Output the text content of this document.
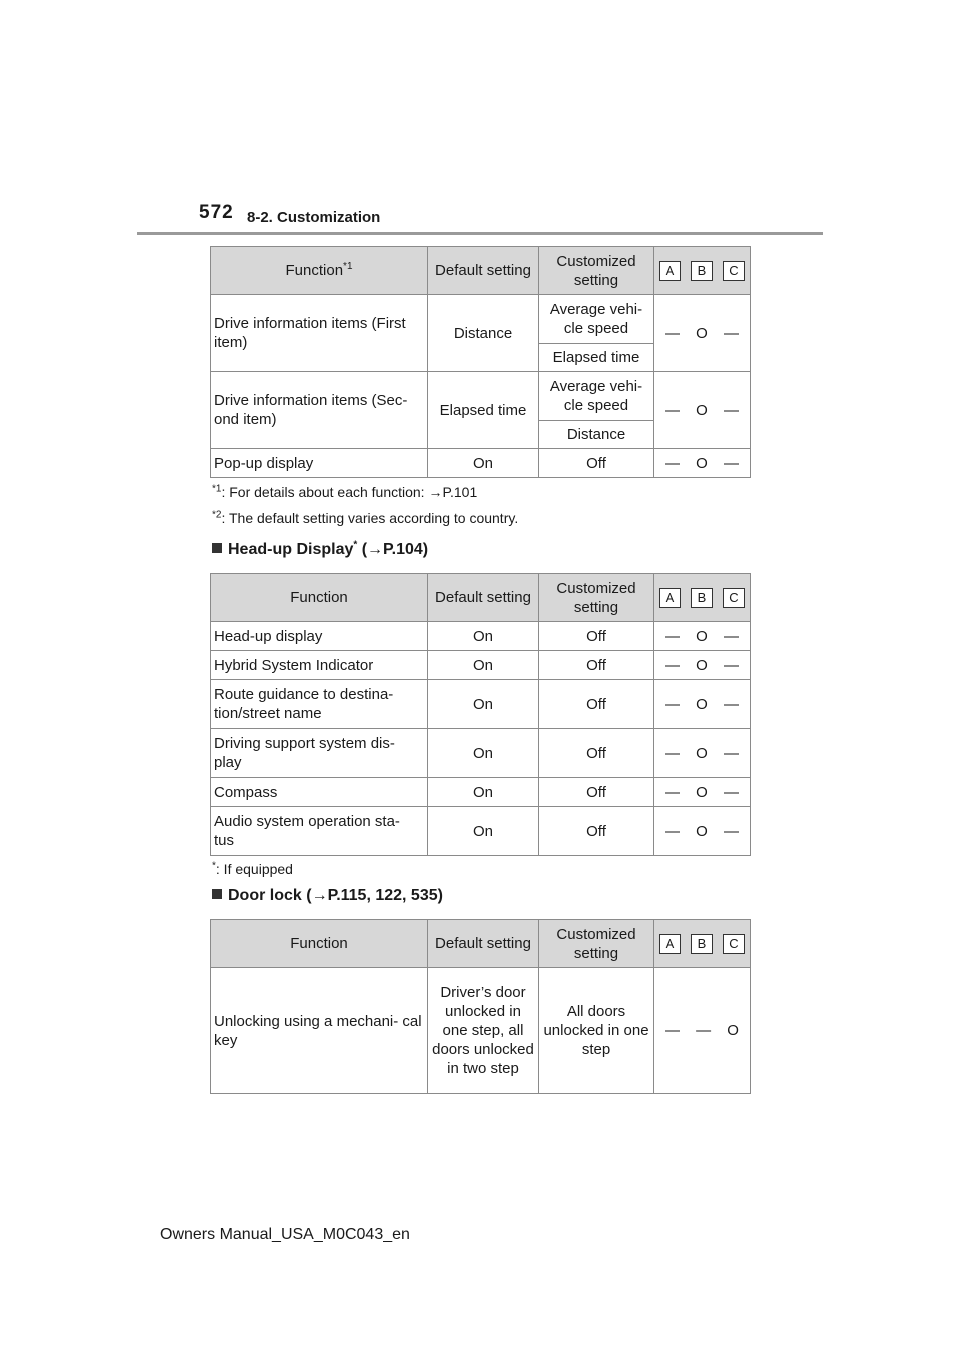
572 8-2. Customization
Function$^{*1}$	Default setting	Customized setting	A B C

Drive information items (First item)	Distance	Average vehi- cle speed	— O —

		Elapsed time	
Drive information items (Sec- ond item)	Elapsed time	Average vehi- cle speed	— O —

		Distance	
Pop-up display	On	Off	— O —
$^{*1}$: For details about each function: →P.101
$^{*2}$: The default setting varies according to country.
Head-up Display* (→P.104)
Function	Default setting	Customized setting	A B C

Head-up display	On	Off	— O —

Hybrid System Indicator	On	Off	— O —

Route guidance to destina- tion/street name	On	Off	— O —

Driving support system dis- play	On	Off	— O —

Compass	On	Off	— O —

Audio system operation sta- tus	On	Off	— O —
*: If equipped
Door lock (→P.115, 122, 535)
Function	Default setting	Customized setting	A B C

Unlocking using a mechani- cal key	Driver’s door unlocked in one step, all doors unlocked in two step	All doors unlocked in one step	— — O
Owners Manual_USA_M0C043_en
